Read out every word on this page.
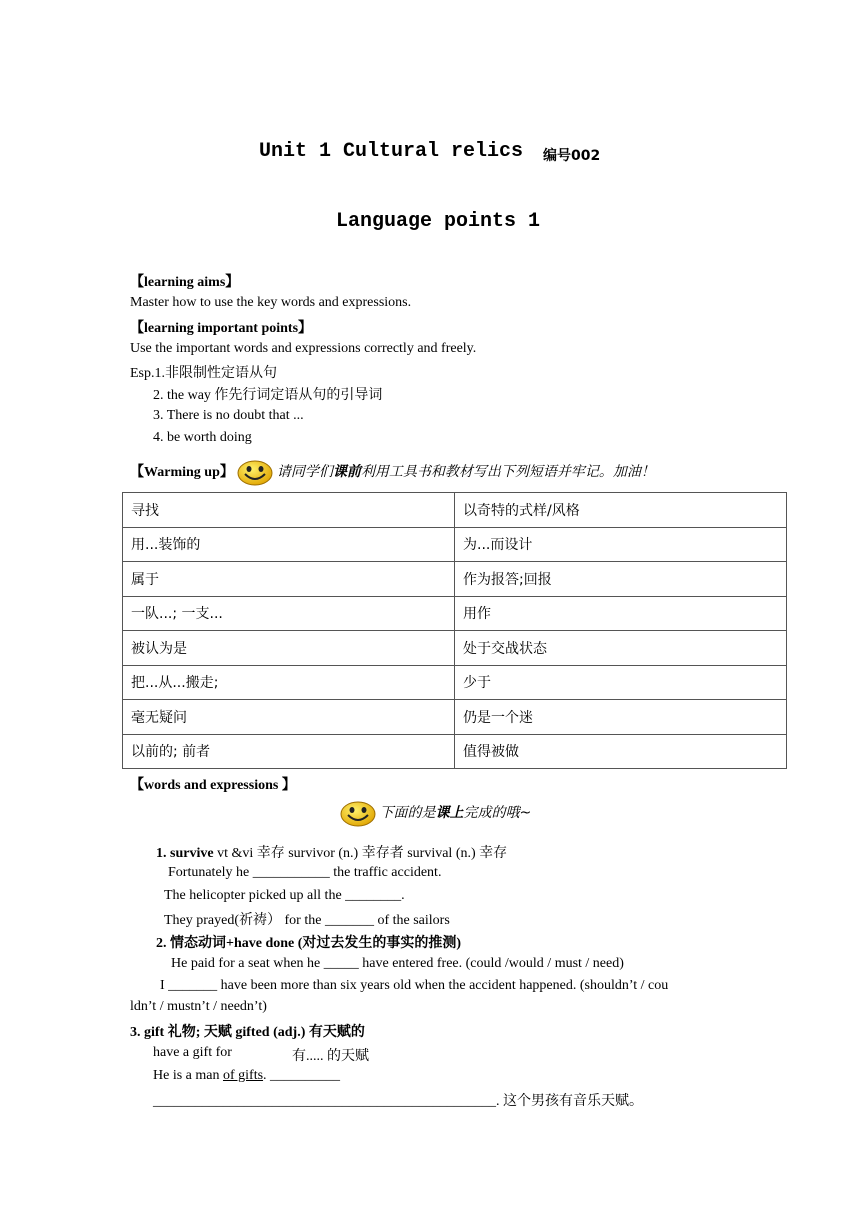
Unit 1 Cultural relics 编号002
Language points 1
【learning aims】
Master how to use the key words and expressions.
【learning important points】
Use the important words and expressions correctly and freely.
Esp.1.非限制性定语从句
2. the way 作先行词定语从句的引导词
3. There is no doubt that ...
4. be worth doing
【Warming up】	请同学们课前利用工具书和教材写出下列短语并牢记。加油！
寻找	以奇特的式样/风格
用...装饰的	为...而设计
属于	作为报答;回报
一队...; 一支...	用作
被认为是	处于交战状态
把...从...搬走;	少于
毫无疑问	仍是一个迷
以前的; 前者	值得被做
【words and expressions 】
下面的是课上完成的哦~
1. survive vt &vi 幸存 survivor (n.) 幸存者 survival (n.) 幸存
Fortunately he ___________ the traffic accident.
The helicopter picked up all the ________.
They prayed(祈祷） for the _______ of the sailors
2. 情态动词+have done (对过去发生的事实的推测)
He paid for a seat when he _____ have entered free. (could /would / must / need)
I _______ have been more than six years old when the accident happened. (shouldn’t / cou
ldn’t / mustn’t / needn’t)
3. gift 礼物; 天赋 gifted (adj.) 有天赋的
have a gift for	有..... 的天赋
He is a man of gifts. __________
_________________________________________________. 这个男孩有音乐天赋。
